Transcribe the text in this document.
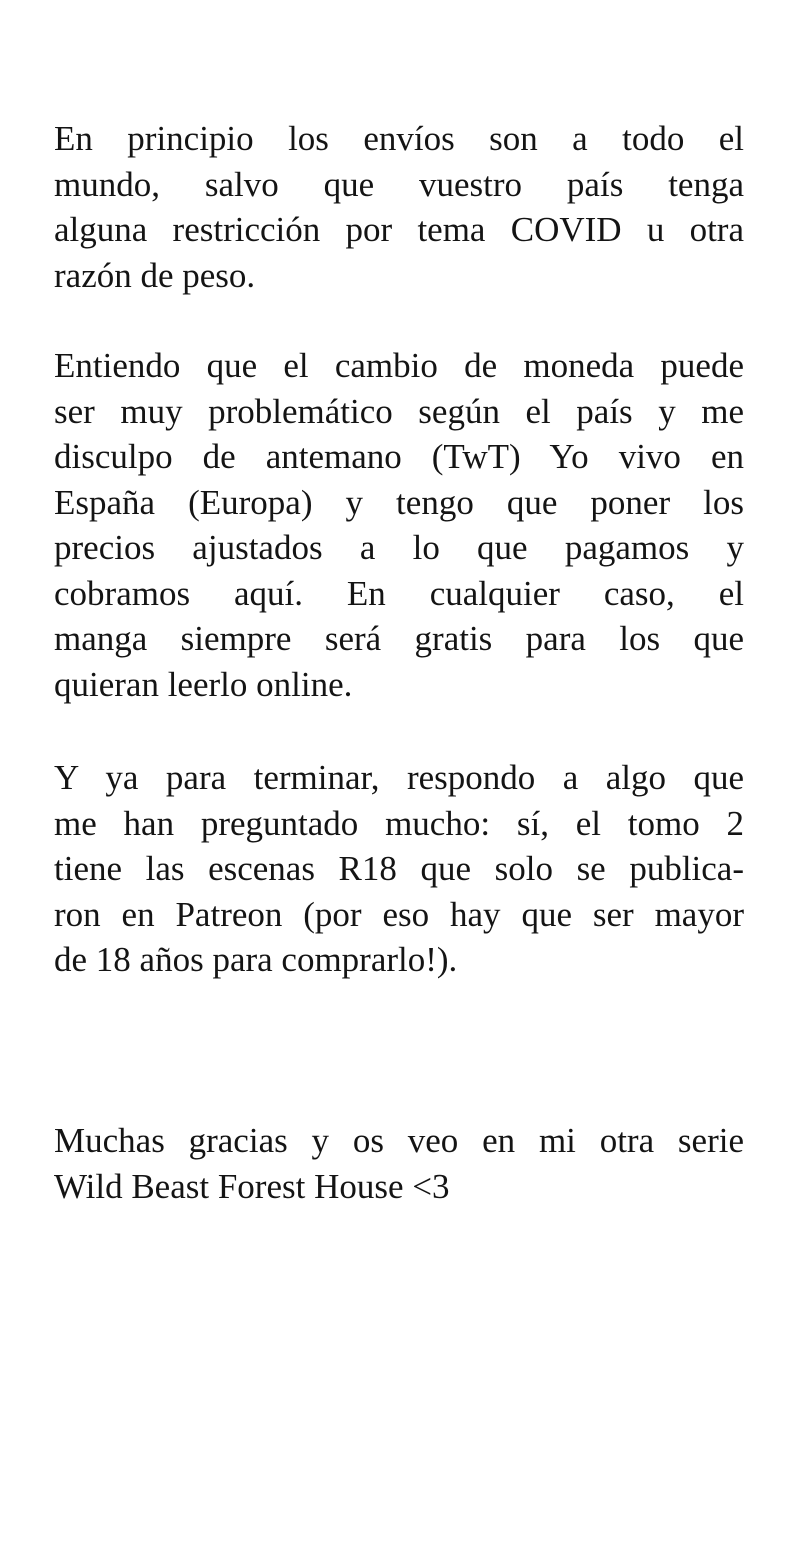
En principio los envíos son a todo el
mundo, salvo que vuestro país tenga
alguna restricción por tema COVID u otra
razón de peso.

Entiendo que el cambio de moneda puede
ser muy problemático según el país y me
disculpo de antemano (TwT) Yo vivo en
España (Europa) y tengo que poner los
precios ajustados a lo que pagamos y
cobramos aquí. En cualquier caso, el
manga siempre será gratis para los que
quieran leerlo online.

Y ya para terminar, respondo a algo que
me han preguntado mucho: sí, el tomo 2
tiene las escenas R18 que solo se publica-
ron en Patreon (por eso hay que ser mayor
de 18 años para comprarlo!).

Muchas gracias y os veo en mi otra serie
Wild Beast Forest House <3
